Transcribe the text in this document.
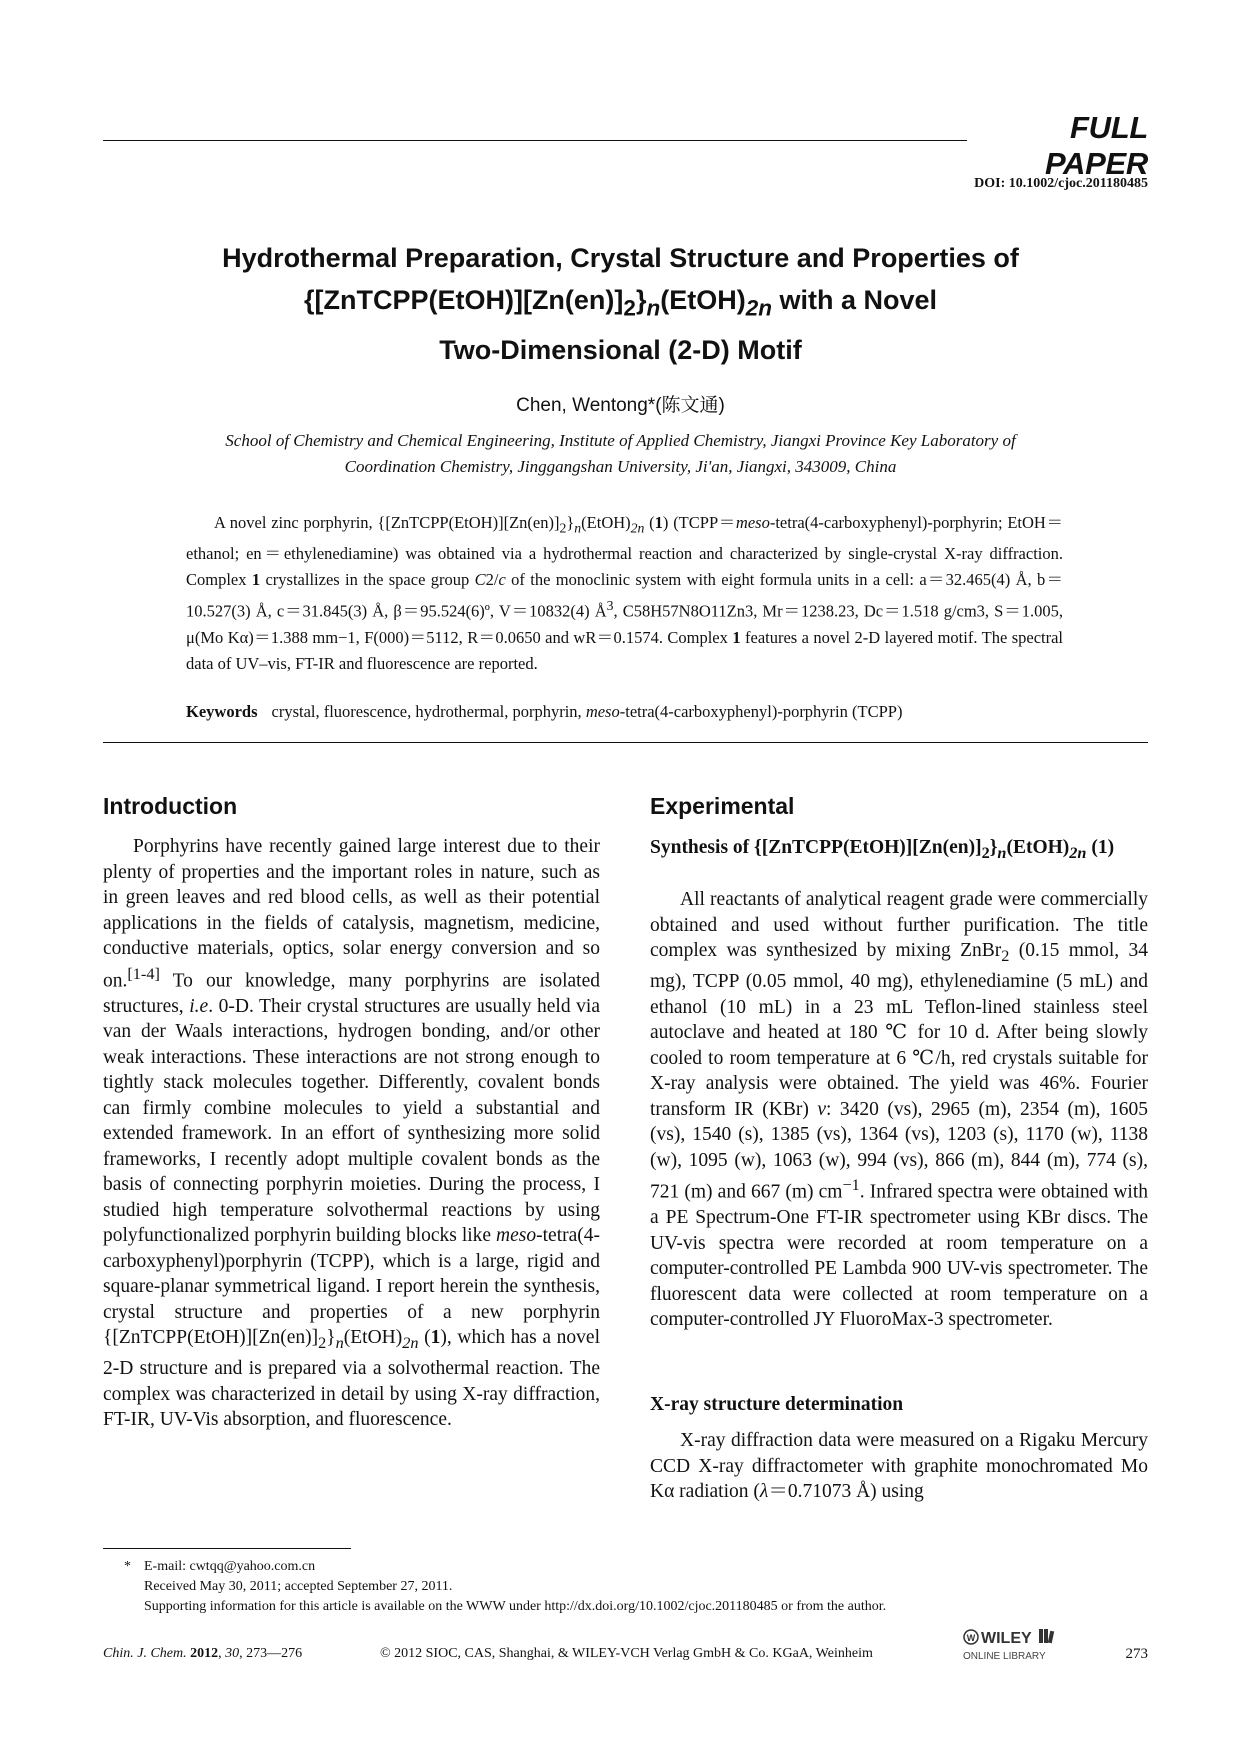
FULL PAPER
DOI: 10.1002/cjoc.201180485
Hydrothermal Preparation, Crystal Structure and Properties of
$\{[ZnTCPP(EtOH)][Zn(en)]_2\}_n(EtOH)_{2n}$ with a Novel
Two-Dimensional (2-D) Motif
Chen, Wentong*(陈文通)
School of Chemistry and Chemical Engineering, Institute of Applied Chemistry, Jiangxi Province Key Laboratory of Coordination Chemistry, Jinggangshan University, Ji'an, Jiangxi, 343009, China

A novel zinc porphyrin, $\{[ZnTCPP(EtOH)][Zn(en)]_2\}_n(EtOH)_{2n}$ (1) (TCPP＝meso-tetra(4-carboxyphenyl)-porphyrin; EtOH＝ethanol; en＝ethylenediamine) was obtained via a hydrothermal reaction and characterized by single-crystal X-ray diffraction. Complex 1 crystallizes in the space group C2/c of the monoclinic system with eight formula units in a cell: a＝32.465(4) Å, b＝10.527(3) Å, c＝31.845(3) Å, β＝95.524(6)º, V＝10832(4) $Å^3$, C58H57N8O11Zn3, Mr＝1238.23, Dc＝1.518 g/cm3, S＝1.005, μ(Mo Kα)＝1.388 mm−1, F(000)＝5112, R＝0.0650 and wR＝0.1574. Complex 1 features a novel 2-D layered motif. The spectral data of UV–vis, FT-IR and fluorescence are reported.

Keywords crystal, fluorescence, hydrothermal, porphyrin, meso-tetra(4-carboxyphenyl)-porphyrin (TCPP)

Introduction

Porphyrins have recently gained large interest due to their plenty of properties and the important roles in nature, such as in green leaves and red blood cells, as well as their potential applications in the fields of catalysis, magnetism, medicine, conductive materials, optics, solar energy conversion and so on.[1-4] To our knowledge, many porphyrins are isolated structures, i.e. 0-D. Their crystal structures are usually held via van der Waals interactions, hydrogen bonding, and/or other weak interactions. These interactions are not strong enough to tightly stack molecules together. Differently, covalent bonds can firmly combine molecules to yield a substantial and extended framework. In an effort of synthesizing more solid frameworks, I recently adopt multiple covalent bonds as the basis of connecting porphyrin moieties. During the process, I studied high temperature solvothermal reactions by using polyfunctionalized porphyrin building blocks like meso-tetra(4-carboxyphenyl)porphyrin (TCPP), which is a large, rigid and square-planar symmetrical ligand. I report herein the synthesis, crystal structure and properties of a new porphyrin $\{[ZnTCPP(EtOH)][Zn(en)]_2\}_n(EtOH)_{2n}$ (1), which has a novel 2-D structure and is prepared via a solvothermal reaction. The complex was characterized in detail by using X-ray diffraction, FT-IR, UV-Vis absorption, and fluorescence.

Experimental

Synthesis of $\{[ZnTCPP(EtOH)][Zn(en)]_2\}_n(EtOH)_{2n}$ (1)

All reactants of analytical reagent grade were commercially obtained and used without further purification. The title complex was synthesized by mixing ZnBr$_2$ (0.15 mmol, 34 mg), TCPP (0.05 mmol, 40 mg), ethylenediamine (5 mL) and ethanol (10 mL) in a 23 mL Teflon-lined stainless steel autoclave and heated at 180 ℃ for 10 d. After being slowly cooled to room temperature at 6 ℃/h, red crystals suitable for X-ray analysis were obtained. The yield was 46%. Fourier transform IR (KBr) ν: 3420 (vs), 2965 (m), 2354 (m), 1605 (vs), 1540 (s), 1385 (vs), 1364 (vs), 1203 (s), 1170 (w), 1138 (w), 1095 (w), 1063 (w), 994 (vs), 866 (m), 844 (m), 774 (s), 721 (m) and 667 (m) $cm^{-1}$. Infrared spectra were obtained with a PE Spectrum-One FT-IR spectrometer using KBr discs. The UV-vis spectra were recorded at room temperature on a computer-controlled PE Lambda 900 UV-vis spectrometer. The fluorescent data were collected at room temperature on a computer-controlled JY FluoroMax-3 spectrometer.

X-ray structure determination

X-ray diffraction data were measured on a Rigaku Mercury CCD X-ray diffractometer with graphite monochromated Mo Kα radiation (λ＝0.71073 Å) using

* E-mail: cwtqq@yahoo.com.cn
Received May 30, 2011; accepted September 27, 2011.
Supporting information for this article is available on the WWW under http://dx.doi.org/10.1002/cjoc.201180485 or from the author.
Chin. J. Chem. 2012, 30, 273—276	© 2012 SIOC, CAS, Shanghai, & WILEY-VCH Verlag GmbH & Co. KGaA, Weinheim
W WILEY
ONLINE LIBRARY	273
